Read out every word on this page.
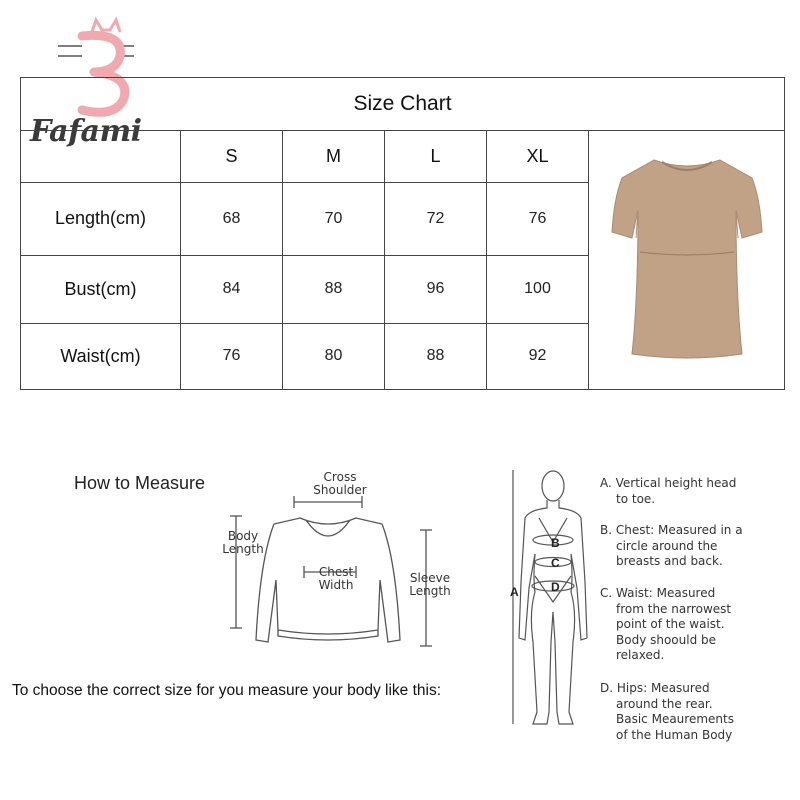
Fafami
Size Chart					
	S	M	L	XL	
Length(cm)	68	70	72	76	
Bust(cm)	84	88	96	100	
Waist(cm)	76	80	88	92	
How to Measure	Cross
Shoulder
Body
Length
Chest
Width	Sleeve
Length
To choose the correct size for you measure your body like this:
A
B
C
D
A. Vertical height head
to toe.
B. Chest: Measured in a
circle around the
breasts and back.
C. Waist: Measured
from the narrowest
point of the waist.
Body shoould be
relaxed.
D. Hips: Measured
around the rear.
Basic Meaurements
of the Human Body
